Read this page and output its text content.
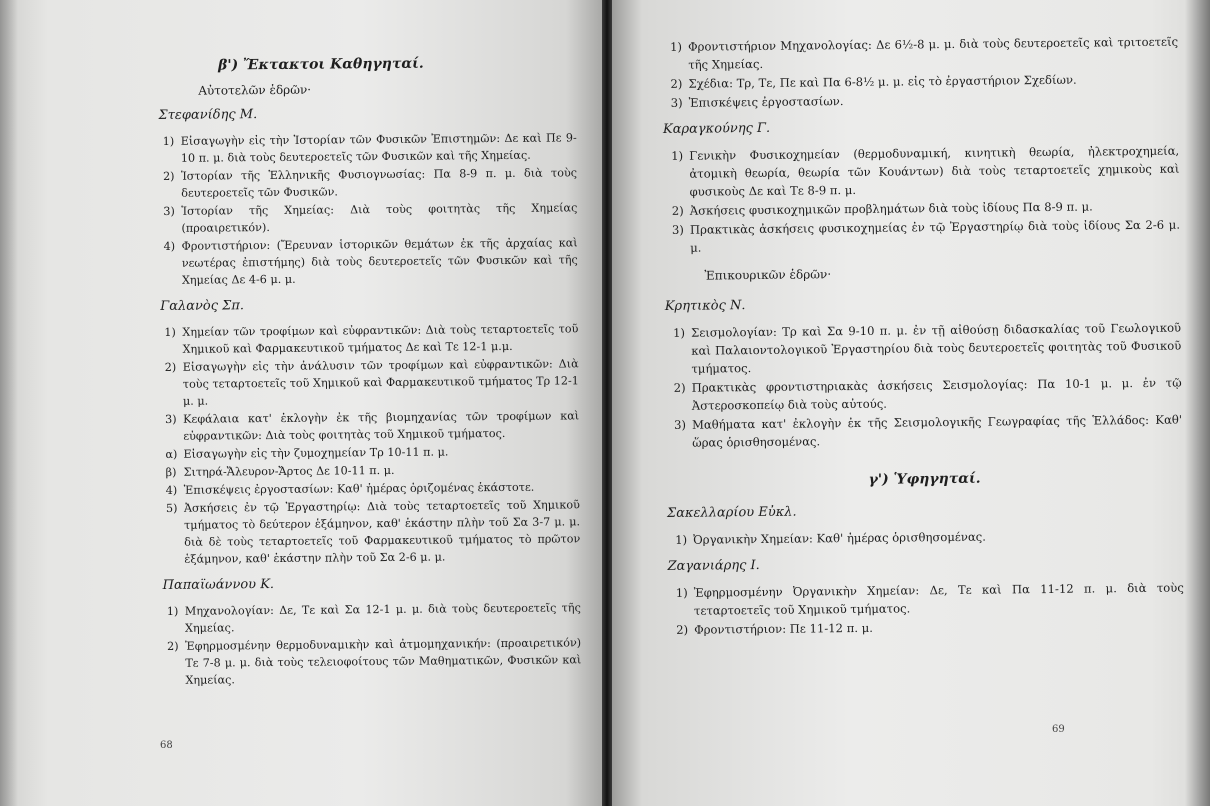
β') Ἔκτακτοι Καθηγηταί.
Αὐτοτελῶν ἑδρῶν·
Στεφανίδης Μ.
1) Εἰσαγωγὴν εἰς τὴν Ἱστορίαν τῶν Φυσικῶν Ἐπιστημῶν: Δε καὶ Πε 9-10 π. μ. διὰ τοὺς δευτεροετεῖς τῶν Φυσικῶν καὶ τῆς Χημείας.
2) Ἱστορίαν τῆς Ἑλληνικῆς Φυσιογνωσίας: Πα 8-9 π. μ. διὰ τοὺς δευτεροετεῖς τῶν Φυσικῶν.
3) Ἱστορίαν τῆς Χημείας: Διὰ τοὺς φοιτητὰς τῆς Χημείας (προαιρετικόν).
4) Φροντιστήριον: (Ἔρευναν ἱστορικῶν θεμάτων ἐκ τῆς ἀρχαίας καὶ νεωτέρας ἐπιστήμης) διὰ τοὺς δευτεροετεῖς τῶν Φυσικῶν καὶ τῆς Χημείας Δε 4-6 μ. μ.
Γαλανὸς Σπ.
1) Χημείαν τῶν τροφίμων καὶ εὐφραντικῶν: Διὰ τοὺς τεταρτοετεῖς τοῦ Χημικοῦ καὶ Φαρμακευτικοῦ τμήματος Δε καὶ Τε 12-1 μ.μ.
2) Εἰσαγωγὴν εἰς τὴν ἀνάλυσιν τῶν τροφίμων καὶ εὐφραντικῶν: Διὰ τοὺς τεταρτοετεῖς τοῦ Χημικοῦ καὶ Φαρμακευτικοῦ τμήματος Τρ 12-1 μ. μ.
3) Κεφάλαια κατ' ἐκλογὴν ἐκ τῆς βιομηχανίας τῶν τροφίμων καὶ εὐφραντικῶν: Διὰ τοὺς φοιτητὰς τοῦ Χημικοῦ τμήματος.
α) Εἰσαγωγὴν εἰς τὴν ζυμοχημείαν Τρ 10-11 π. μ.
β) Σιτηρά-Ἄλευρον-Ἄρτος Δε 10-11 π. μ.
4) Ἐπισκέψεις ἐργοστασίων: Καθ' ἡμέρας ὁριζομένας ἑκάστοτε.
5) Ἀσκήσεις ἐν τῷ Ἐργαστηρίῳ: Διὰ τοὺς τεταρτοετεῖς τοῦ Χημικοῦ τμήματος τὸ δεύτερον ἑξάμηνον, καθ' ἑκάστην πλὴν τοῦ Σα 3-7 μ. μ. διὰ δὲ τοὺς τεταρτοετεῖς τοῦ Φαρμακευτικοῦ τμήματος τὸ πρῶτον ἑξάμηνον, καθ' ἑκάστην πλὴν τοῦ Σα 2-6 μ. μ.
Παπαϊωάννου Κ.
1) Μηχανολογίαν: Δε, Τε καὶ Σα 12-1 μ. μ. διὰ τοὺς δευτεροετεῖς τῆς Χημείας.
2) Ἐφηρμοσμένην θερμοδυναμικὴν καὶ ἀτμομηχανικήν: (προαιρετικόν) Τε 7-8 μ. μ. διὰ τοὺς τελειοφοίτους τῶν Μαθηματικῶν, Φυσικῶν καὶ Χημείας.
68
1) Φροντιστήριον Μηχανολογίας: Δε 6½-8 μ. μ. διὰ τοὺς δευτεροετεῖς καὶ τριτοετεῖς τῆς Χημείας.
2) Σχέδια: Τρ, Τε, Πε καὶ Πα 6-8½ μ. μ. εἰς τὸ ἐργαστήριον Σχεδίων.
3) Ἐπισκέψεις ἐργοστασίων.
Καραγκούνης Γ.
1) Γενικὴν Φυσικοχημείαν (θερμοδυναμική, κινητικὴ θεωρία, ἠλεκτροχημεία, ἀτομικὴ θεωρία, θεωρία τῶν Κουάντων) διὰ τοὺς τεταρτοετεῖς χημικοὺς καὶ φυσικοὺς Δε καὶ Τε 8-9 π. μ.
2) Ἀσκήσεις φυσικοχημικῶν προβλημάτων διὰ τοὺς ἰδίους Πα 8-9 π. μ.
3) Πρακτικὰς ἀσκήσεις φυσικοχημείας ἐν τῷ Ἐργαστηρίῳ διὰ τοὺς ἰδίους Σα 2-6 μ. μ.
Ἐπικουρικῶν ἑδρῶν·
Κρητικὸς Ν.
1) Σεισμολογίαν: Τρ καὶ Σα 9-10 π. μ. ἐν τῇ αἰθούσῃ διδασκαλίας τοῦ Γεωλογικοῦ καὶ Παλαιοντολογικοῦ Ἐργαστηρίου διὰ τοὺς δευτεροετεῖς φοιτητὰς τοῦ Φυσικοῦ τμήματος.
2) Πρακτικὰς φροντιστηριακὰς ἀσκήσεις Σεισμολογίας: Πα 10-1 μ. μ. ἐν τῷ Ἀστεροσκοπείῳ διὰ τοὺς αὐτούς.
3) Μαθήματα κατ' ἐκλογὴν ἐκ τῆς Σεισμολογικῆς Γεωγραφίας τῆς Ἑλλάδος: Καθ' ὥρας ὁρισθησομένας.
γ') Ὑφηγηταί.
Σακελλαρίου Εὐκλ.
1) Ὀργανικὴν Χημείαν: Καθ' ἡμέρας ὁρισθησομένας.
Ζαγανιάρης Ι.
1) Ἐφηρμοσμένην Ὀργανικὴν Χημείαν: Δε, Τε καὶ Πα 11-12 π. μ. διὰ τοὺς τεταρτοετεῖς τοῦ Χημικοῦ τμήματος.
2) Φροντιστήριον: Πε 11-12 π. μ.
69
